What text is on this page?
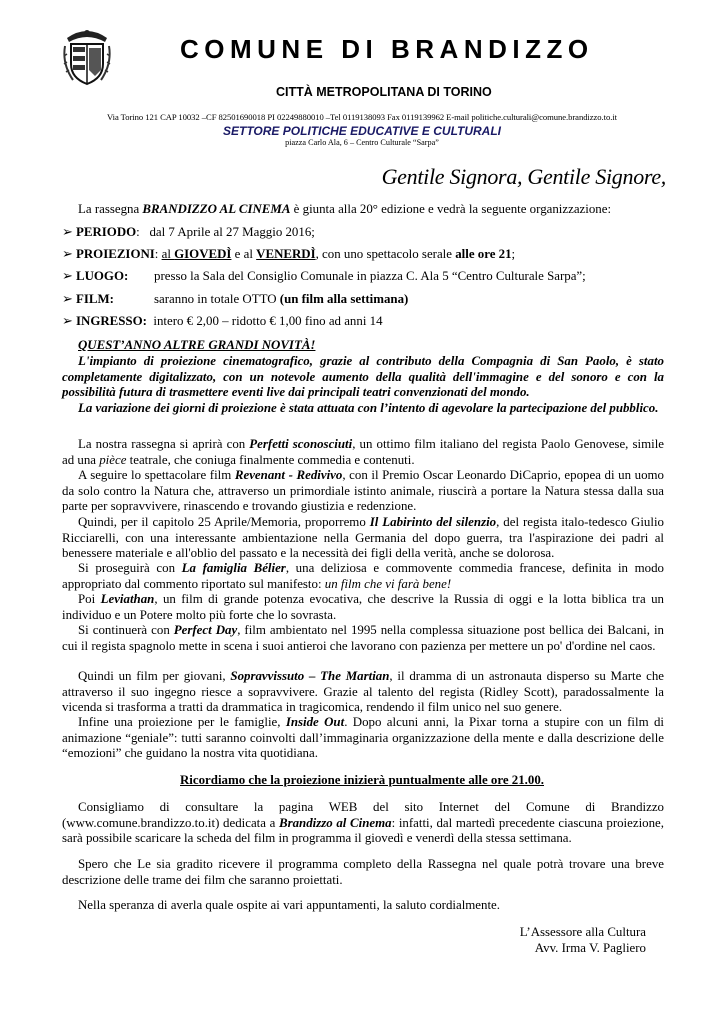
COMUNE DI BRANDIZZO
CITTÀ METROPOLITANA DI TORINO
Via Torino 121 CAP 10032 –CF 82501690018 PI 02249880010 –Tel 0119138093 Fax 0119139962 E-mail politiche.culturali@comune.brandizzo.to.it
SETTORE POLITICHE EDUCATIVE E CULTURALI
piazza Carlo Ala, 6 – Centro Culturale “Sarpa”
Gentile Signora, Gentile Signore,
La rassegna BRANDIZZO AL CINEMA è giunta alla 20° edizione e vedrà la seguente organizzazione:
➢ PERIODO: dal 7 Aprile al 27 Maggio 2016;
➢ PROIEZIONI: al GIOVEDÌ e al VENERDÌ, con uno spettacolo serale alle ore 21;
➢ LUOGO: presso la Sala del Consiglio Comunale in piazza C. Ala 5 “Centro Culturale Sarpa”;
➢ FILM:	saranno in totale OTTO (un film alla settimana)
➢ INGRESSO: intero € 2,00 – ridotto € 1,00 fino ad anni 14
QUEST’ANNO ALTRE GRANDI NOVITÀ!
L'impianto di proiezione cinematografico, grazie al contributo della Compagnia di San Paolo, è stato completamente digitalizzato, con un notevole aumento della qualità dell'immagine e del sonoro e con la possibilità futura di trasmettere eventi live dai principali teatri convenzionati del mondo.
La variazione dei giorni di proiezione è stata attuata con l’intento di agevolare la partecipazione del pubblico.
La nostra rassegna si aprirà con Perfetti sconosciuti, un ottimo film italiano del regista Paolo Genovese, simile ad una pièce teatrale, che coniuga finalmente commedia e contenuti.
A seguire lo spettacolare film Revenant - Redivivo, con il Premio Oscar Leonardo DiCaprio, epopea di un uomo da solo contro la Natura che, attraverso un primordiale istinto animale, riuscirà a portare la Natura stessa dalla sua parte per sopravvivere, rinascendo e trovando giustizia e redenzione.
Quindi, per il capitolo 25 Aprile/Memoria, proporremo Il Labirinto del silenzio, del regista italo-tedesco Giulio Ricciarelli, con una interessante ambientazione nella Germania del dopo guerra, tra l'aspirazione dei padri al benessere materiale e all'oblio del passato e la necessità dei figli della verità, anche se dolorosa.
Si proseguirà con La famiglia Bélier, una deliziosa e commovente commedia francese, definita in modo appropriato dal commento riportato sul manifesto: un film che vi farà bene!
Poi Leviathan, un film di grande potenza evocativa, che descrive la Russia di oggi e la lotta biblica tra un individuo e un Potere molto più forte che lo sovrasta.
Si continuerà con Perfect Day, film ambientato nel 1995 nella complessa situazione post bellica dei Balcani, in cui il regista spagnolo mette in scena i suoi antieroi che lavorano con pazienza per mettere un po' d'ordine nel caos.
Quindi un film per giovani, Sopravvissuto – The Martian, il dramma di un astronauta disperso su Marte che attraverso il suo ingegno riesce a sopravvivere. Grazie al talento del regista (Ridley Scott), paradossalmente la vicenda si trasforma a tratti da drammatica in tragicomica, rendendo il film unico nel suo genere.
Infine una proiezione per le famiglie, Inside Out. Dopo alcuni anni, la Pixar torna a stupire con un film di animazione “geniale”: tutti saranno coinvolti dall’immaginaria organizzazione della mente e dalla descrizione delle “emozioni” che guidano la nostra vita quotidiana.
Ricordiamo che la proiezione inizierà puntualmente alle ore 21.00.
Consigliamo di consultare la pagina WEB del sito Internet del Comune di Brandizzo (www.comune.brandizzo.to.it) dedicata a Brandizzo al Cinema: infatti, dal martedì precedente ciascuna proiezione, sarà possibile scaricare la scheda del film in programma il giovedì e venerdì della stessa settimana.
Spero che Le sia gradito ricevere il programma completo della Rassegna nel quale potrà trovare una breve descrizione delle trame dei film che saranno proiettati.
Nella speranza di averla quale ospite ai vari appuntamenti, la saluto cordialmente.
L’Assessore alla Cultura
Avv. Irma V. Pagliero
